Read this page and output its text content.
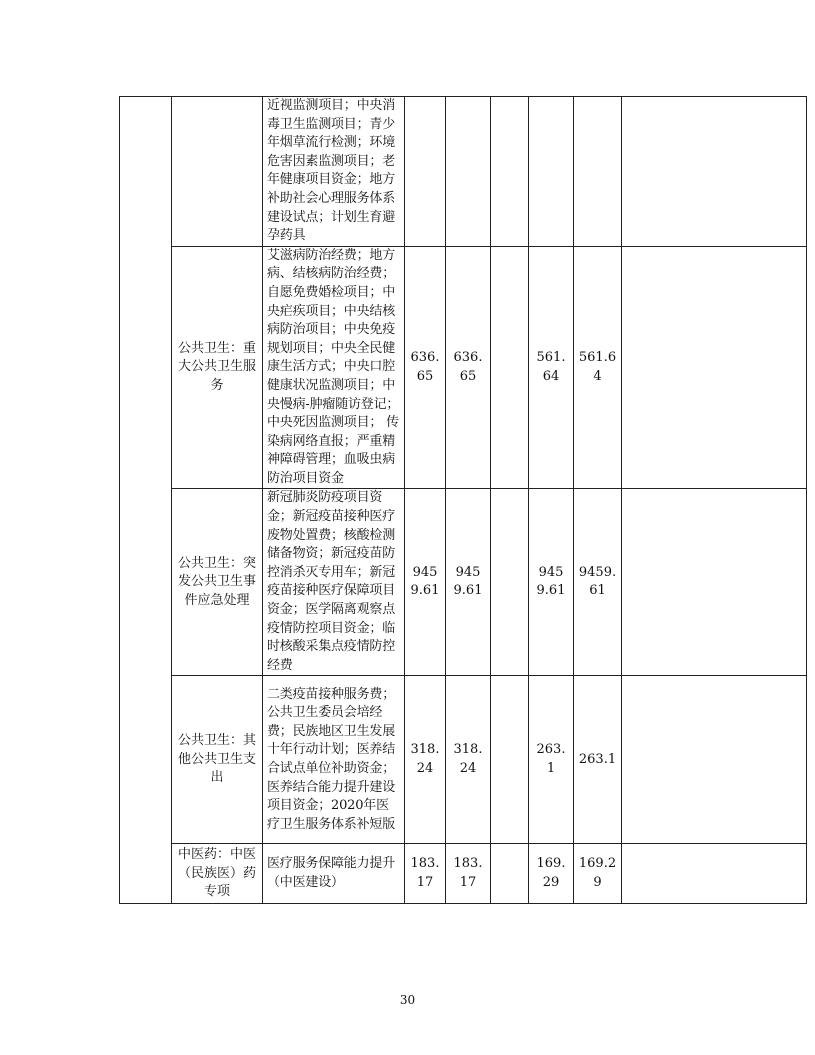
		近视监测项目；中央消毒卫生监测项目；青少年烟草流行检测；环境危害因素监测项目；老年健康项目资金；地方补助社会心理服务体系建设试点；计划生育避孕药具						
	公共卫生：重大公共卫生服务	艾滋病防治经费；地方病、结核病防治经费；自愿免费婚检项目；中央疟疾项目；中央结核病防治项目；中央免疫规划项目；中央全民健康生活方式；中央口腔健康状况监测项目；中央慢病-肿瘤随访登记； 中央死因监测项目； 传染病网络直报；严重精神障碍管理；血吸虫病防治项目资金	636.65	636.65		561.64	561.64	
	公共卫生：突发公共卫生事件应急处理	新冠肺炎防疫项目资金；新冠疫苗接种医疗废物处置费；核酸检测储备物资；新冠疫苗防控消杀灭专用车；新冠疫苗接种医疗保障项目资金；医学隔离观察点疫情防控项目资金；临时核酸采集点疫情防控经费	9459.61	9459.61		9459.61	9459.61	
	公共卫生：其他公共卫生支出	二类疫苗接种服务费；公共卫生委员会培经费；民族地区卫生发展十年行动计划；医养结合试点单位补助资金；医养结合能力提升建设项目资金；2020年医疗卫生服务体系补短版	318.24	318.24		263.1	263.1	
	中医药：中医（民族医）药专项	医疗服务保障能力提升（中医建设）	183.17	183.17		169.29	169.29	
30
